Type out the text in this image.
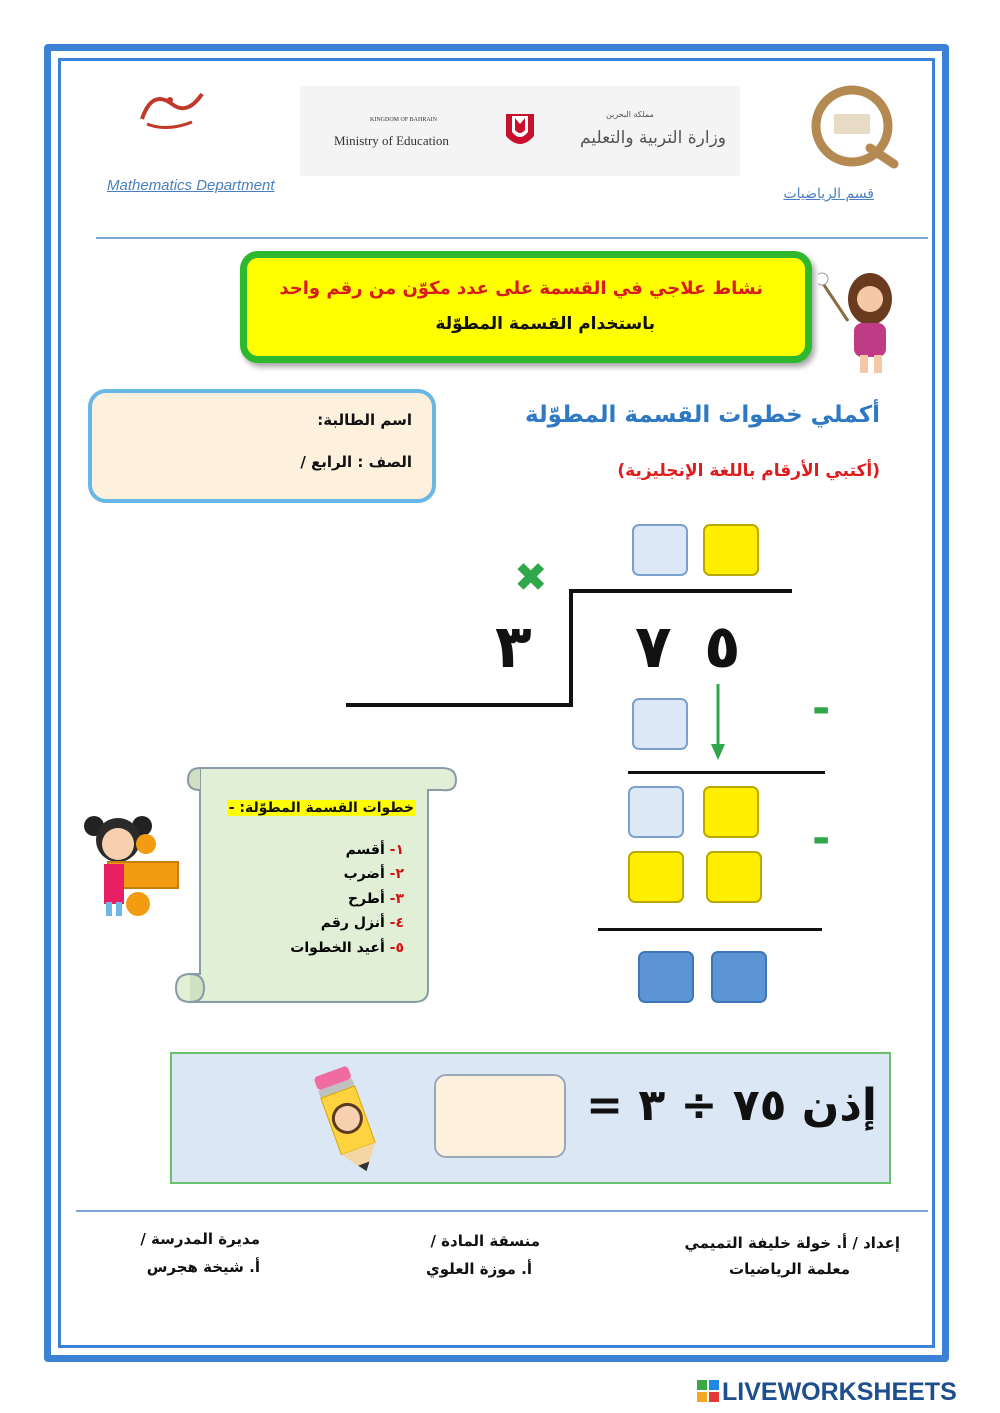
KINGDOM OF BAHRAIN
Ministry of Education
مملكة البحرين
وزارة التربية والتعليم
Mathematics Department	قسم الرياضيات
نشاط علاجي في القسمة على عدد مكوّن من رقم واحد
باستخدام القسمة المطوّلة
اسم الطالبة:
الصف : الرابع /
أكملي خطوات القسمة المطوّلة
(أكتبي الأرقام باللغة الإنجليزية)
✖
٣ ٧ ٥
-
-
خطوات القسمة المطوّلة: -
١- أقسم
٢- أضرب
٣- أطرح
٤- أنزل رقم
٥- أعيد الخطوات
إذن ٧٥ ÷ ٣ =
إعداد / أ. خولة خليفة التميمي
معلمة الرياضيات
منسقة المادة /
أ. موزة العلوي
مديرة المدرسة /
أ. شيخة هجرس
LIVEWORKSHEETS
